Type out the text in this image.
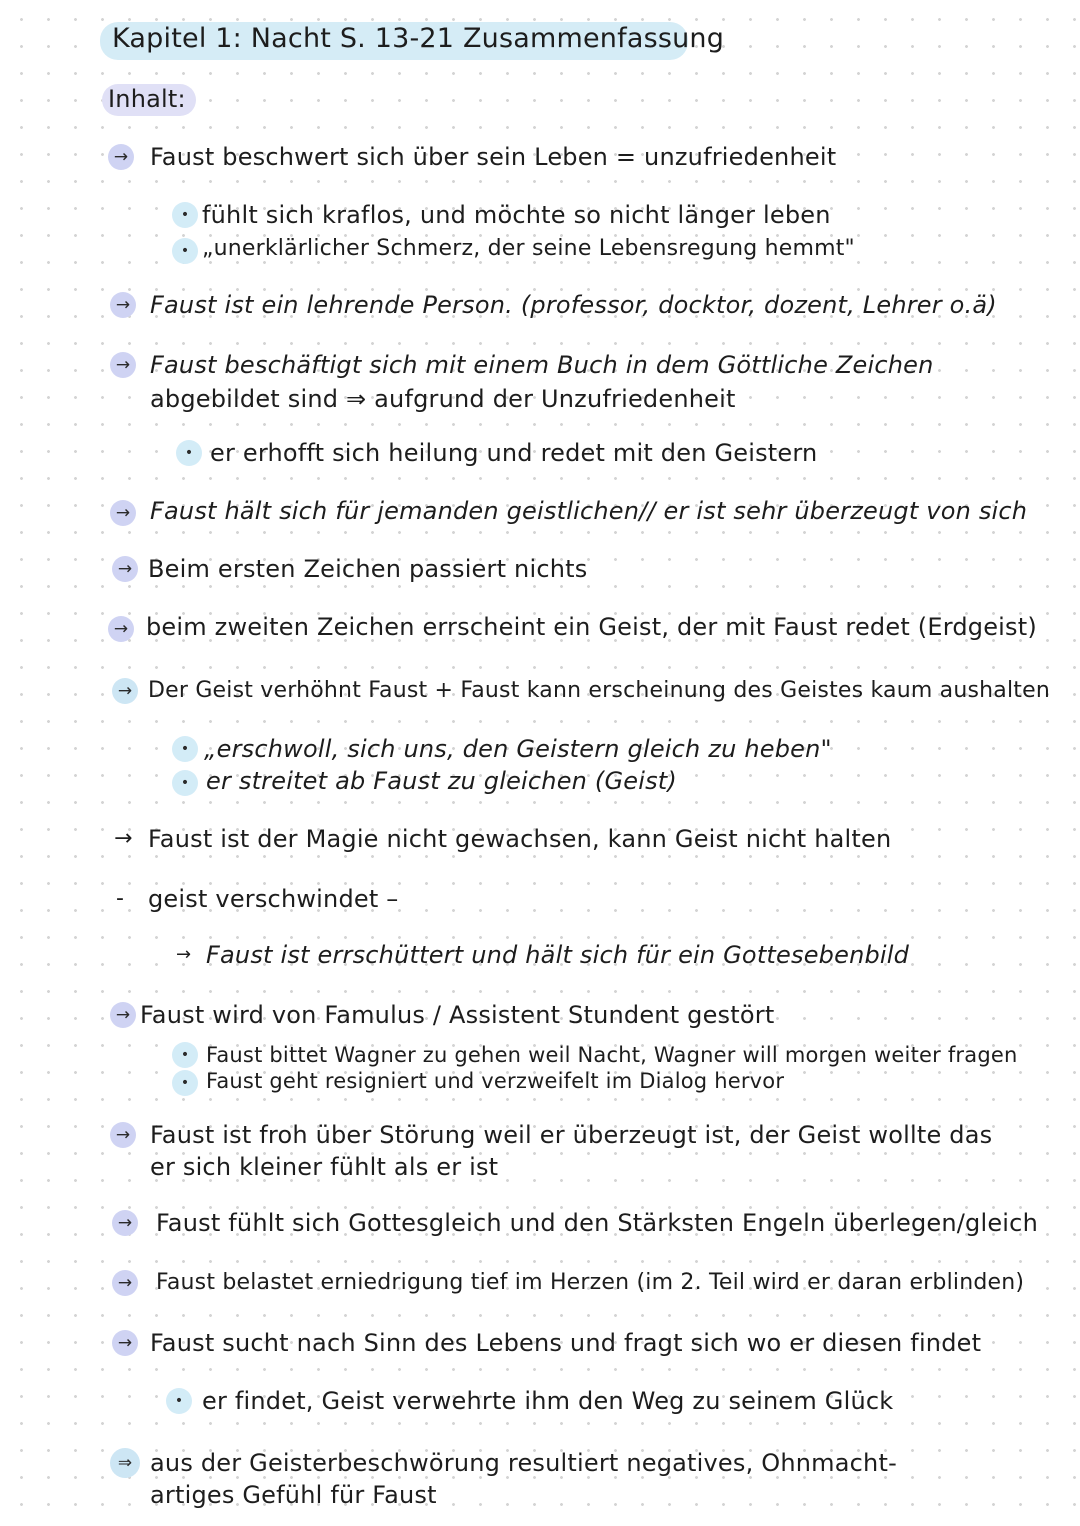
Kapitel 1: Nacht S. 13-21 Zusammenfassung
Inhalt:
→ Faust beschwert sich über sein Leben = unzufriedenheit
• fühlt sich kraflos, und möchte so nicht länger leben
• „unerklärlicher Schmerz, der seine Lebensregung hemmt"
→ Faust ist ein lehrende Person. (professor, docktor, dozent, Lehrer o.ä)
→ Faust beschäftigt sich mit einem Buch in dem Göttliche Zeichen
abgebildet sind ⇒ aufgrund der Unzufriedenheit
• er erhofft sich heilung und redet mit den Geistern
→ Faust hält sich für jemanden geistlichen// er ist sehr überzeugt von sich
→ Beim ersten Zeichen passiert nichts
→ beim zweiten Zeichen errscheint ein Geist, der mit Faust redet (Erdgeist)
→ Der Geist verhöhnt Faust + Faust kann erscheinung des Geistes kaum aushalten
• „erschwoll, sich uns, den Geistern gleich zu heben"
• er streitet ab Faust zu gleichen (Geist)
→ Faust ist der Magie nicht gewachsen, kann Geist nicht halten
- geist verschwindet –
→ Faust ist errschüttert und hält sich für ein Gottesebenbild
→ Faust wird von Famulus / Assistent Stundent gestört
• Faust bittet Wagner zu gehen weil Nacht, Wagner will morgen weiter fragen
• Faust geht resigniert und verzweifelt im Dialog hervor
→ Faust ist froh über Störung weil er überzeugt ist, der Geist wollte das
er sich kleiner fühlt als er ist
→ Faust fühlt sich Gottesgleich und den Stärksten Engeln überlegen/gleich
→ Faust belastet erniedrigung tief im Herzen (im 2. Teil wird er daran erblinden)
→ Faust sucht nach Sinn des Lebens und fragt sich wo er diesen findet
• er findet, Geist verwehrte ihm den Weg zu seinem Glück
⇒ aus der Geisterbeschwörung resultiert negatives, Ohnmacht-
artiges Gefühl für Faust
